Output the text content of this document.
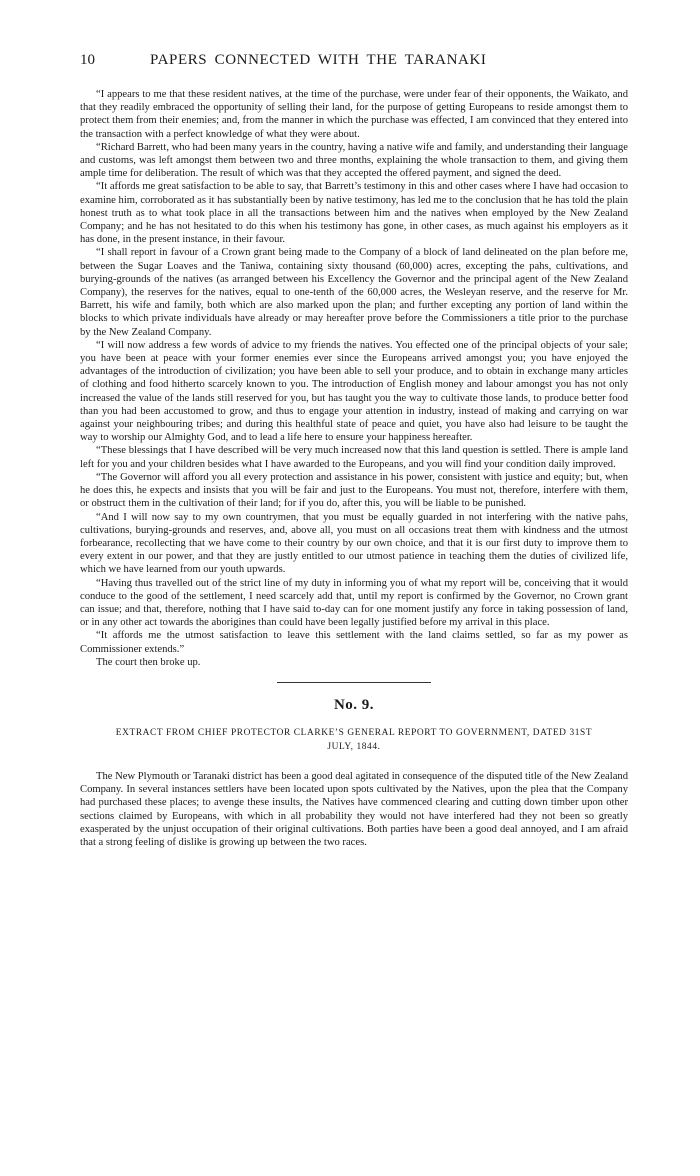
10	PAPERS CONNECTED WITH THE TARANAKI

“I appears to me that these resident natives, at the time of the purchase, were under fear of their opponents, the Waikato, and that they readily embraced the opportunity of selling their land, for the purpose of getting Europeans to reside amongst them to protect them from their enemies; and, from the manner in which the purchase was effected, I am convinced that they entered into the transaction with a perfect knowledge of what they were about.

“Richard Barrett, who had been many years in the country, having a native wife and family, and understanding their language and customs, was left amongst them between two and three months, explaining the whole transaction to them, and giving them ample time for deliberation. The result of which was that they accepted the offered payment, and signed the deed.

“It affords me great satisfaction to be able to say, that Barrett’s testimony in this and other cases where I have had occasion to examine him, corroborated as it has substantially been by native testimony, has led me to the conclusion that he has told the plain honest truth as to what took place in all the transactions between him and the natives when employed by the New Zealand Company; and he has not hesitated to do this when his testimony has gone, in other cases, as much against his employers as it has done, in the present instance, in their favour.

“I shall report in favour of a Crown grant being made to the Company of a block of land delineated on the plan before me, between the Sugar Loaves and the Taniwa, containing sixty thousand (60,000) acres, excepting the pahs, cultivations, and burying-grounds of the natives (as arranged between his Excellency the Governor and the principal agent of the New Zealand Company), the reserves for the natives, equal to one-tenth of the 60,000 acres, the Wesleyan reserve, and the reserve for Mr. Barrett, his wife and family, both which are also marked upon the plan; and further excepting any portion of land within the blocks to which private individuals have already or may hereafter prove before the Commissioners a title prior to the purchase by the New Zealand Company.

“I will now address a few words of advice to my friends the natives. You effected one of the principal objects of your sale; you have been at peace with your former enemies ever since the Europeans arrived amongst you; you have enjoyed the advantages of the introduction of civilization; you have been able to sell your produce, and to obtain in exchange many articles of clothing and food hitherto scarcely known to you. The introduction of English money and labour amongst you has not only increased the value of the lands still reserved for you, but has taught you the way to cultivate those lands, to produce better food than you had been accustomed to grow, and thus to engage your attention in industry, instead of making and carrying on war against your neighbouring tribes; and during this healthful state of peace and quiet, you have also had leisure to be taught the way to worship our Almighty God, and to lead a life here to ensure your happiness hereafter.

“These blessings that I have described will be very much increased now that this land question is settled. There is ample land left for you and your children besides what I have awarded to the Europeans, and you will find your condition daily improved.

“The Governor will afford you all every protection and assistance in his power, consistent with justice and equity; but, when he does this, he expects and insists that you will be fair and just to the Europeans. You must not, therefore, interfere with them, or obstruct them in the cultivation of their land; for if you do, after this, you will be liable to be punished.

“And I will now say to my own countrymen, that you must be equally guarded in not interfering with the native pahs, cultivations, burying-grounds and reserves, and, above all, you must on all occasions treat them with kindness and the utmost forbearance, recollecting that we have come to their country by our own choice, and that it is our first duty to improve them to every extent in our power, and that they are justly entitled to our utmost patience in teaching them the duties of civilized life, which we have learned from our youth upwards.

“Having thus travelled out of the strict line of my duty in informing you of what my report will be, conceiving that it would conduce to the good of the settlement, I need scarcely add that, until my report is confirmed by the Governor, no Crown grant can issue; and that, therefore, nothing that I have said to-day can for one moment justify any force in taking possession of land, or in any other act towards the aborigines than could have been legally justified before my arrival in this place.

“It affords me the utmost satisfaction to leave this settlement with the land claims settled, so far as my power as Commissioner extends.”

The court then broke up.

No. 9.
EXTRACT FROM CHIEF PROTECTOR CLARKE’S GENERAL REPORT TO GOVERNMENT, DATED 31ST
JULY, 1844.

The New Plymouth or Taranaki district has been a good deal agitated in consequence of the disputed title of the New Zealand Company. In several instances settlers have been located upon spots cultivated by the Natives, upon the plea that the Company had purchased these places; to avenge these insults, the Natives have commenced clearing and cutting down timber upon other sections claimed by Europeans, with which in all probability they would not have interfered had they not been so greatly exasperated by the unjust occupation of their original cultivations. Both parties have been a good deal annoyed, and I am afraid that a strong feeling of dislike is growing up between the two races.
